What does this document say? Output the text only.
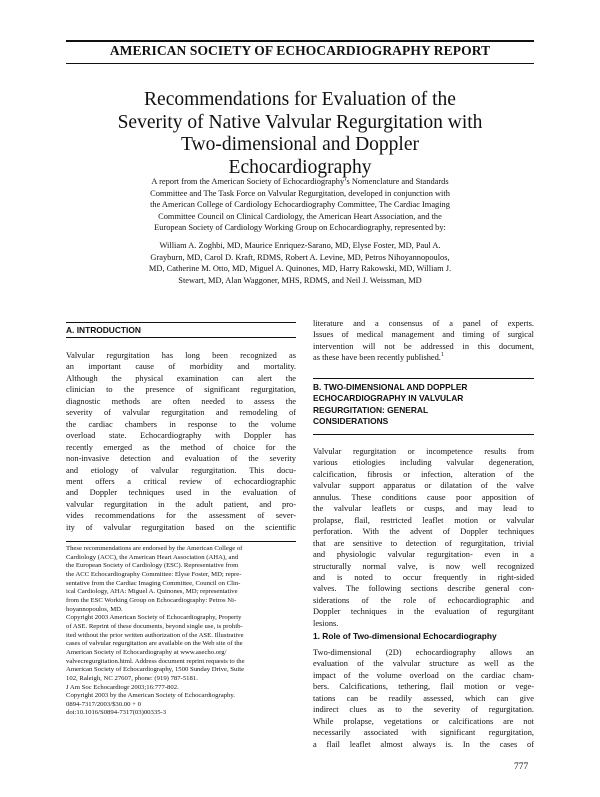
AMERICAN SOCIETY OF ECHOCARDIOGRAPHY REPORT
Recommendations for Evaluation of the
Severity of Native Valvular Regurgitation with
Two-dimensional and Doppler
Echocardiography
A report from the American Society of Echocardiography’s Nomenclature and Standards
Committee and The Task Force on Valvular Regurgitation, developed in conjunction with
the American College of Cardiology Echocardiography Committee, The Cardiac Imaging
Committee Council on Clinical Cardiology, the American Heart Association, and the
European Society of Cardiology Working Group on Echocardiography, represented by:
William A. Zoghbi, MD, Maurice Enriquez-Sarano, MD, Elyse Foster, MD, Paul A.
Grayburn, MD, Carol D. Kraft, RDMS, Robert A. Levine, MD, Petros Nihoyannopoulos,
MD, Catherine M. Otto, MD, Miguel A. Quinones, MD, Harry Rakowski, MD, William J.
Stewart, MD, Alan Waggoner, MHS, RDMS, and Neil J. Weissman, MD
A. INTRODUCTION
Valvular regurgitation has long been recognized as
an important cause of morbidity and mortality.
Although the physical examination can alert the
clinician to the presence of significant regurgitation,
diagnostic methods are often needed to assess the
severity of valvular regurgitation and remodeling of
the cardiac chambers in response to the volume
overload state. Echocardiography with Doppler has
recently emerged as the method of choice for the
non-invasive detection and evaluation of the severity
and etiology of valvular regurgitation. This docu-
ment offers a critical review of echocardiographic
and Doppler techniques used in the evaluation of
valvular regurgitation in the adult patient, and pro-
vides recommendations for the assessment of sever-
ity of valvular regurgitation based on the scientific
These recommendations are endorsed by the American College of
Cardiology (ACC), the American Heart Association (AHA), and
the European Society of Cardiology (ESC). Representative from
the ACC Echocardiography Committee: Elyse Foster, MD; repre-
sentative from the Cardiac Imaging Committee, Council on Clin-
ical Cardiology, AHA: Miguel A. Quinones, MD; representative
from the ESC Working Group on Echocardiography: Petros Ni-
hoyannopoulos, MD.
Copyright 2003 American Society of Echocardiography, Property
of ASE. Reprint of these documents, beyond single use, is prohib-
ited without the prior written authorization of the ASE. Illustrative
cases of valvular regurgitation are available on the Web site of the
American Society of Echocardiography at www.asecho.org/
valvecregurgitation.html. Address document reprint requests to the
American Society of Echocardiography, 1500 Sunday Drive, Suite
102, Raleigh, NC 27607, phone: (919) 787-5181.
J Am Soc Echocardiogr 2003;16:777-802.
Copyright 2003 by the American Society of Echocardiography.
0894-7317/2003/$30.00 + 0
doi:10.1016/S0894-7317(03)00335-3
literature and a consensus of a panel of experts.
Issues of medical management and timing of surgical
intervention will not be addressed in this document,
as these have been recently published.$^1$
B. TWO-DIMENSIONAL AND DOPPLER
ECHOCARDIOGRAPHY IN VALVULAR
REGURGITATION: GENERAL
CONSIDERATIONS
Valvular regurgitation or incompetence results from
various etiologies including valvular degeneration,
calcification, fibrosis or infection, alteration of the
valvular support apparatus or dilatation of the valve
annulus. These conditions cause poor apposition of
the valvular leaflets or cusps, and may lead to
prolapse, flail, restricted leaflet motion or valvular
perforation. With the advent of Doppler techniques
that are sensitive to detection of regurgitation, trivial
and physiologic valvular regurgitation- even in a
structurally normal valve, is now well recognized
and is noted to occur frequently in right-sided
valves. The following sections describe general con-
siderations of the role of echocardiographic and
Doppler techniques in the evaluation of regurgitant
lesions.
1. Role of Two-dimensional Echocardiography
Two-dimensional (2D) echocardiography allows an
evaluation of the valvular structure as well as the
impact of the volume overload on the cardiac cham-
bers. Calcifications, tethering, flail motion or vege-
tations can be readily assessed, which can give
indirect clues as to the severity of regurgitation.
While prolapse, vegetations or calcifications are not
necessarily associated with significant regurgitation,
a flail leaflet almost always is. In the cases of
777
